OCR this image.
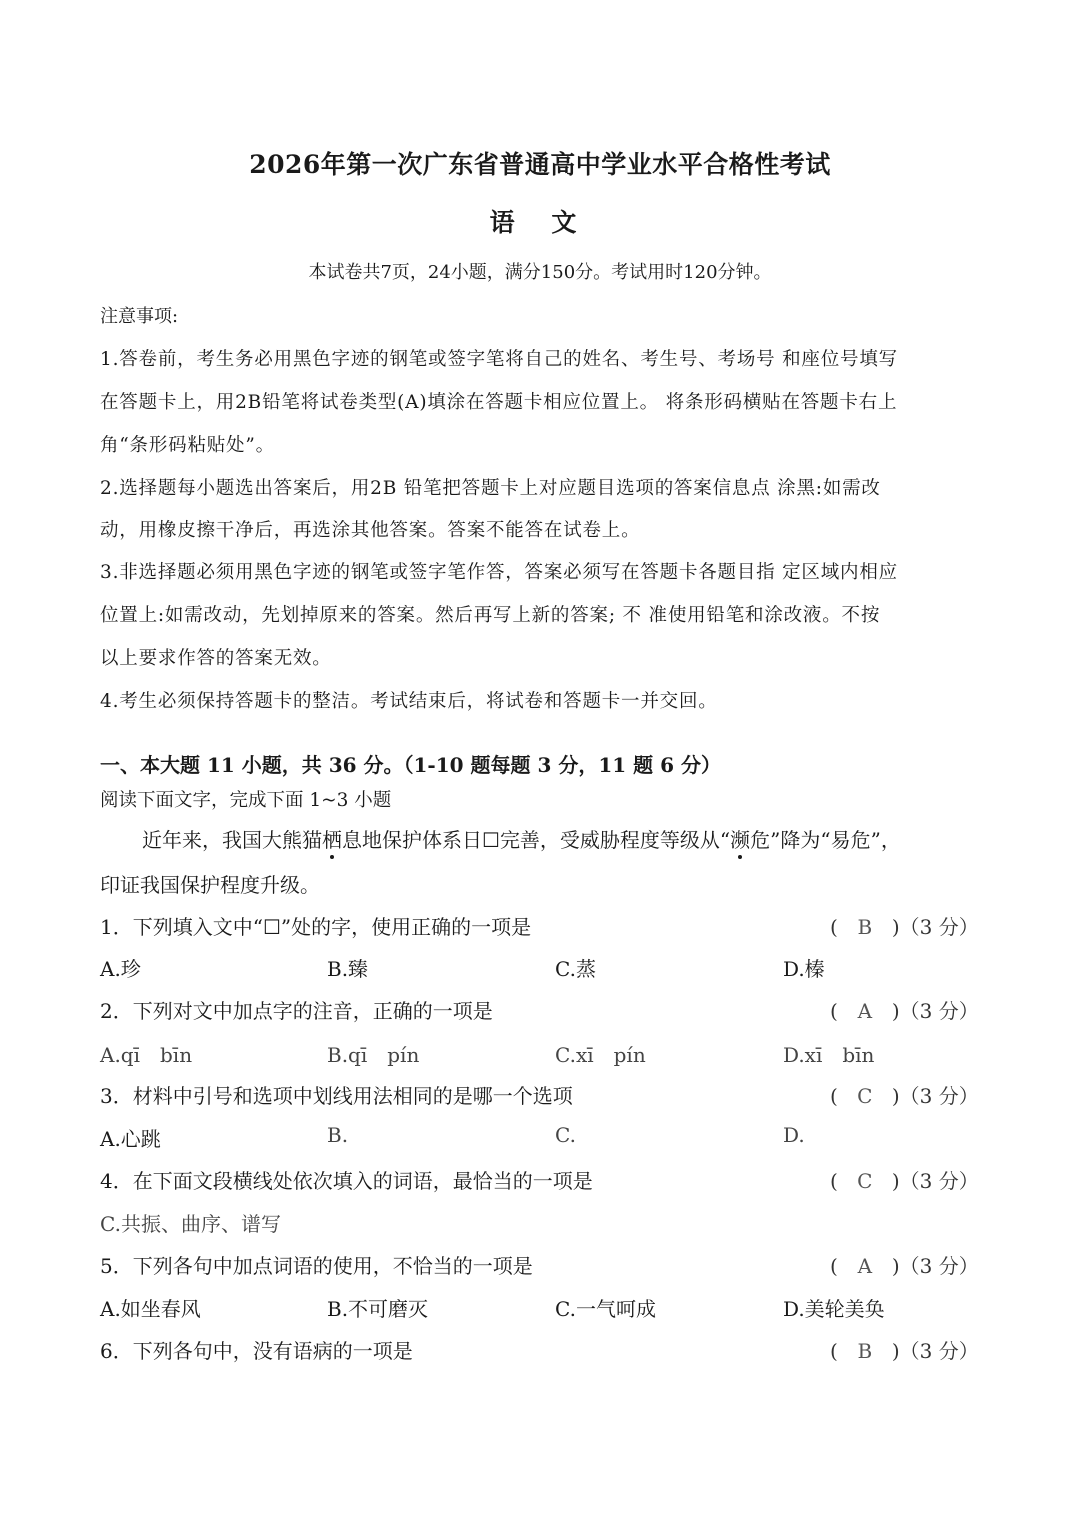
2026年第一次广东省普通高中学业水平合格性考试
语 文
本试卷共7页，24小题，满分150分。考试用时120分钟。
注意事项:
1.答卷前，考生务必用黑色字迹的钢笔或签字笔将自己的姓名、考生号、考场号 和座位号填写
在答题卡上，用2B铅笔将试卷类型(A)填涂在答题卡相应位置上。 将条形码横贴在答题卡右上
角“条形码粘贴处”。
2.选择题每小题选出答案后，用2B 铅笔把答题卡上对应题目选项的答案信息点 涂黑:如需改
动，用橡皮擦干净后，再选涂其他答案。答案不能答在试卷上。
3.非选择题必须用黑色字迹的钢笔或签字笔作答，答案必须写在答题卡各题目指 定区域内相应
位置上:如需改动，先划掉原来的答案。然后再写上新的答案; 不 准使用铅笔和涂改液。不按
以上要求作答的答案无效。
4.考生必须保持答题卡的整洁。考试结束后，将试卷和答题卡一并交回。
一、本大题 11 小题，共 36 分。（1-10 题每题 3 分，11 题 6 分）
阅读下面文字，完成下面 1~3 小题
近年来，我国大熊猫栖息地保护体系日☐完善，受威胁程度等级从“濒危”降为“易危”，
印证我国保护程度升级。
1．下列填入文中“☐”处的字，使用正确的一项是	( B )（3 分）
A.珍	B.臻	C.蒸	D.榛
2．下列对文中加点字的注音，正确的一项是	( A )（3 分）
A.qī　bīn	B.qī　pín	C.xī　pín	D.xī　bīn
3．材料中引号和选项中划线用法相同的是哪一个选项	( C )（3 分）
A.心跳	B.	C.	D.
4．在下面文段横线处依次填入的词语，最恰当的一项是	( C )（3 分）
C.共振、曲序、谱写
5．下列各句中加点词语的使用，不恰当的一项是	( A )（3 分）
A.如坐春风	B.不可磨灭	C.一气呵成	D.美轮美奂
6．下列各句中，没有语病的一项是	( B )（3 分）
